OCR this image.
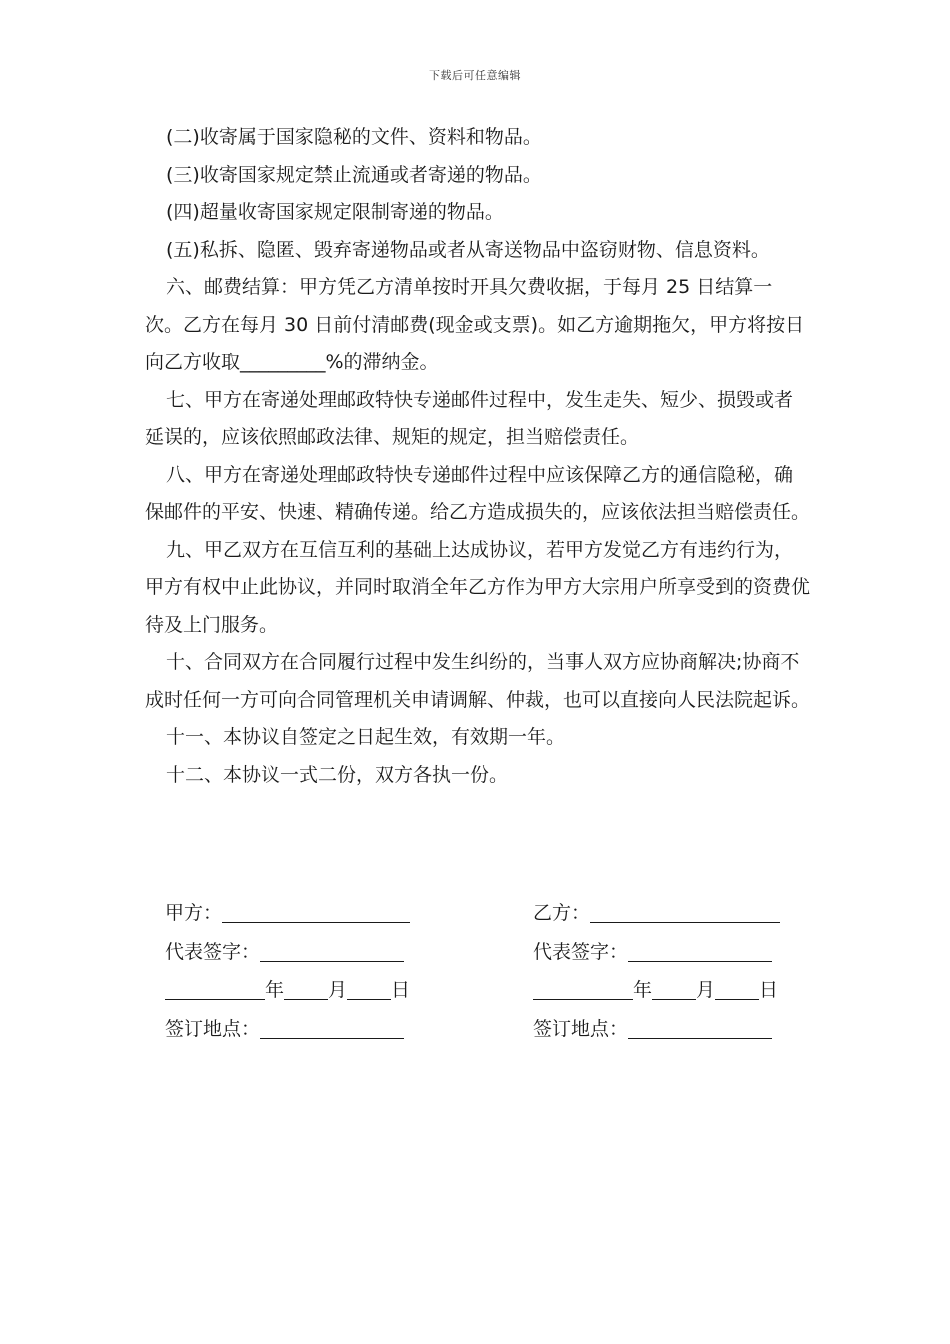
下载后可任意编辑

(二)收寄属于国家隐秘的文件、资料和物品。

(三)收寄国家规定禁止流通或者寄递的物品。

(四)超量收寄国家规定限制寄递的物品。

(五)私拆、隐匿、毁弃寄递物品或者从寄送物品中盗窃财物、信息资料。

六、邮费结算：甲方凭乙方清单按时开具欠费收据，于每月 25 日结算一次。乙方在每月 30 日前付清邮费(现金或支票)。如乙方逾期拖欠，甲方将按日向乙方收取_________%的滞纳金。

七、甲方在寄递处理邮政特快专递邮件过程中，发生走失、短少、损毁或者延误的，应该依照邮政法律、规矩的规定，担当赔偿责任。

八、甲方在寄递处理邮政特快专递邮件过程中应该保障乙方的通信隐秘，确保邮件的平安、快速、精确传递。给乙方造成损失的，应该依法担当赔偿责任。

九、甲乙双方在互信互利的基础上达成协议，若甲方发觉乙方有违约行为，甲方有权中止此协议，并同时取消全年乙方作为甲方大宗用户所享受到的资费优待及上门服务。

十、合同双方在合同履行过程中发生纠纷的，当事人双方应协商解决;协商不成时任何一方可向合同管理机关申请调解、仲裁，也可以直接向人民法院起诉。

十一、本协议自签定之日起生效，有效期一年。

十二、本协议一式二份，双方各执一份。

甲方：	乙方：
代表签字：	代表签字：
年 月 日	年 月 日
签订地点：	签订地点：
